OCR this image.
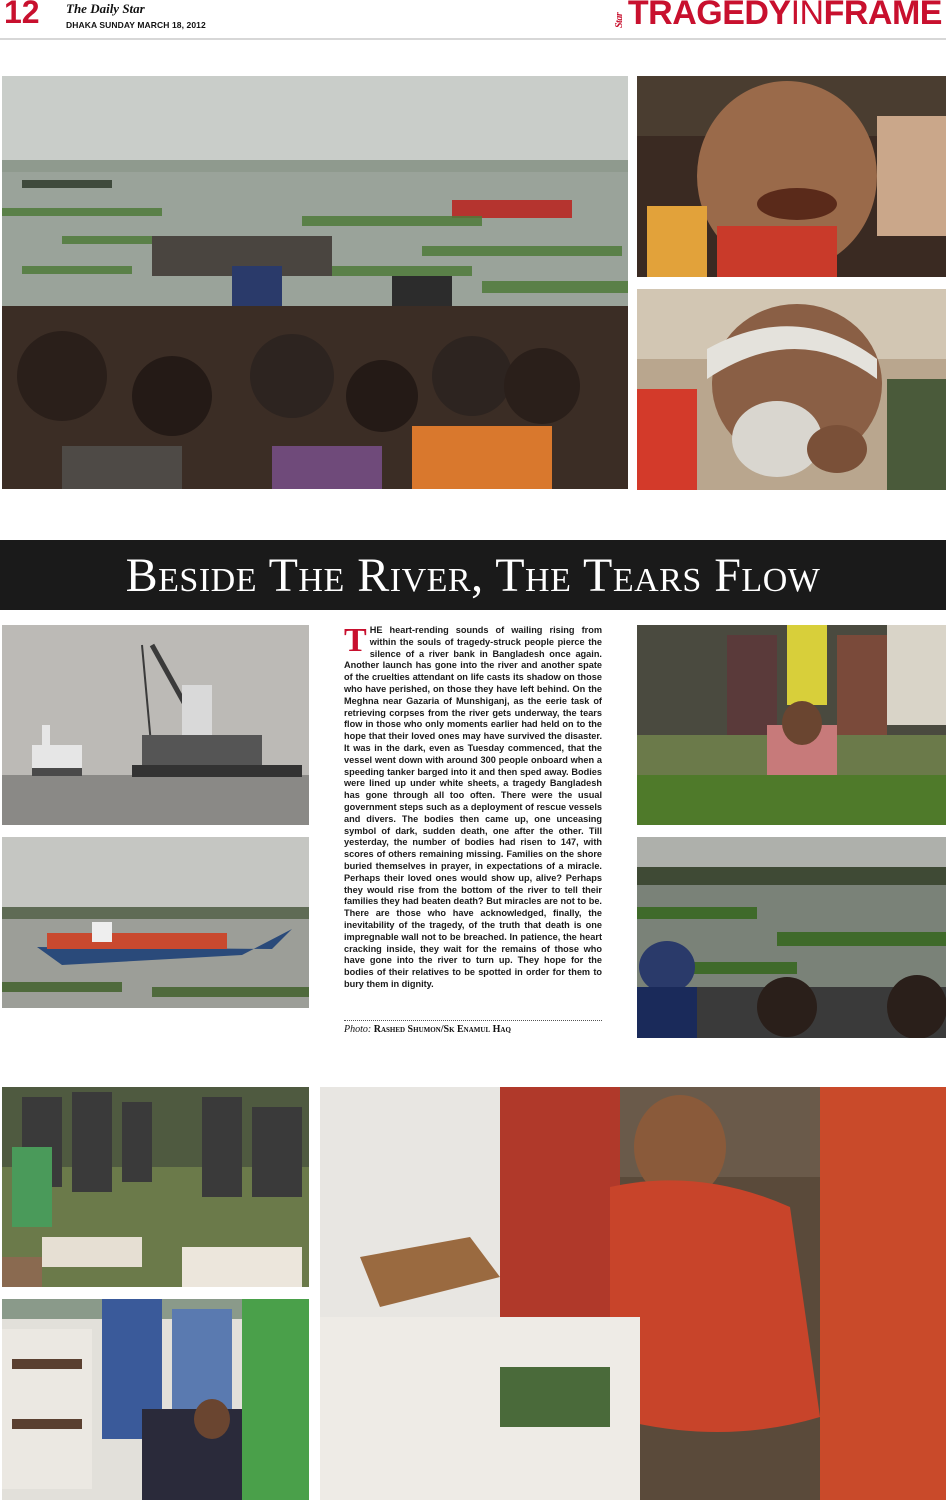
12 The Daily Star
DHAKA SUNDAY MARCH 18, 2012	Star TRAGEDYINFRAME
Beside The River, The Tears Flow
THE heart-rending sounds of wailing rising from within the souls of tragedy-struck people pierce the silence of a river bank in Bangladesh once again. Another launch has gone into the river and another spate of the cruelties attendant on life casts its shadow on those who have perished, on those they have left behind. On the Meghna near Gazaria of Munshiganj, as the eerie task of retrieving corpses from the river gets underway, the tears flow in those who only moments earlier had held on to the hope that their loved ones may have survived the disaster. It was in the dark, even as Tuesday commenced, that the vessel went down with around 300 people onboard when a speeding tanker barged into it and then sped away. Bodies were lined up under white sheets, a tragedy Bangladesh has gone through all too often. There were the usual government steps such as a deployment of rescue vessels and divers. The bodies then came up, one unceasing symbol of dark, sudden death, one after the other. Till yesterday, the number of bodies had risen to 147, with scores of others remaining missing. Families on the shore buried themselves in prayer, in expectations of a miracle. Perhaps their loved ones would show up, alive? Perhaps they would rise from the bottom of the river to tell their families they had beaten death? But miracles are not to be. There are those who have acknowledged, finally, the inevitability of the tragedy, of the truth that death is one impregnable wall not to be breached. In patience, the heart cracking inside, they wait for the remains of those who have gone into the river to turn up. They hope for the bodies of their relatives to be spotted in order for them to bury them in dignity.
Photo: Rashed Shumon/Sk Enamul Haq
